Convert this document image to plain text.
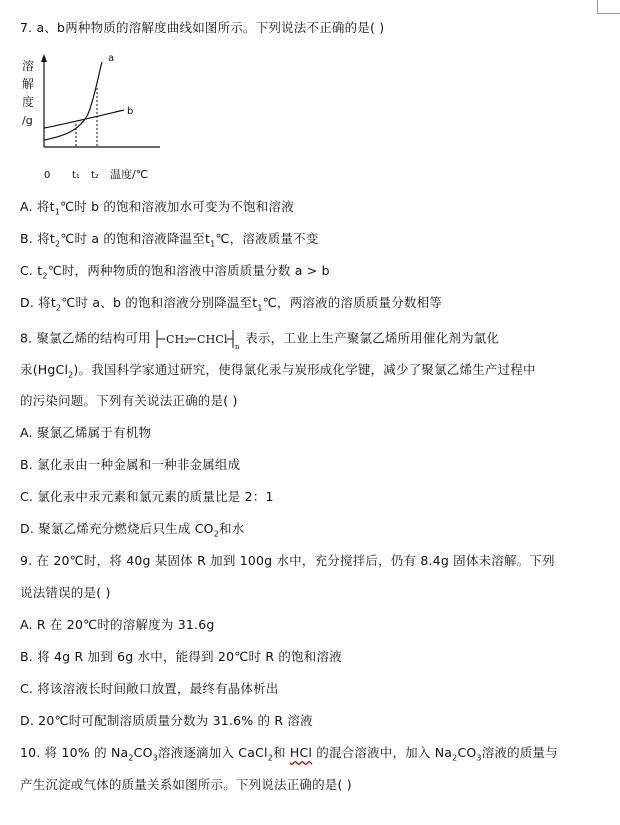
7. a、b两种物质的溶解度曲线如图所示。下列说法不正确的是( )
溶
解
度
/g
a
b
0 t₁ t₂ 温度/℃
A. 将$t_1℃$时 b 的饱和溶液加水可变为不饱和溶液
B. 将$t_2℃$时 a 的饱和溶液降温至$t_1℃$，溶液质量不变
C. $t_2℃$时，两种物质的饱和溶液中溶质质量分数 a > b
D. 将$t_2℃$时 a、b 的饱和溶液分别降温至$t_1℃$，两溶液的溶质质量分数相等
8. 聚氯乙烯的结构可用 CH₂ CHCl
n
表示，工业上生产聚氯乙烯所用催化剂为氯化
汞(HgCl$_2$)。我国科学家通过研究，使得氯化汞与炭形成化学键，减少了聚氯乙烯生产过程中
的污染问题。下列有关说法正确的是( )
A. 聚氯乙烯属于有机物
B. 氯化汞由一种金属和一种非金属组成
C. 氯化汞中汞元素和氯元素的质量比是 2：1
D. 聚氯乙烯充分燃烧后只生成 $CO_2$和水
9. 在 20℃时，将 40g 某固体 R 加到 100g 水中，充分搅拌后，仍有 8.4g 固体未溶解。下列
说法错误的是( )
A. R 在 20℃时的溶解度为 31.6g
B. 将 4g R 加到 6g 水中，能得到 20℃时 R 的饱和溶液
C. 将该溶液长时间敞口放置，最终有晶体析出
D. 20℃时可配制溶质质量分数为 31.6% 的 R 溶液
10. 将 10% 的 $Na_2CO_3$溶液逐滴加入 CaCl$_2$和 HCl 的混合溶液中，加入 $Na_2CO_3$溶液的质量与
产生沉淀或气体的质量关系如图所示。下列说法正确的是( )
